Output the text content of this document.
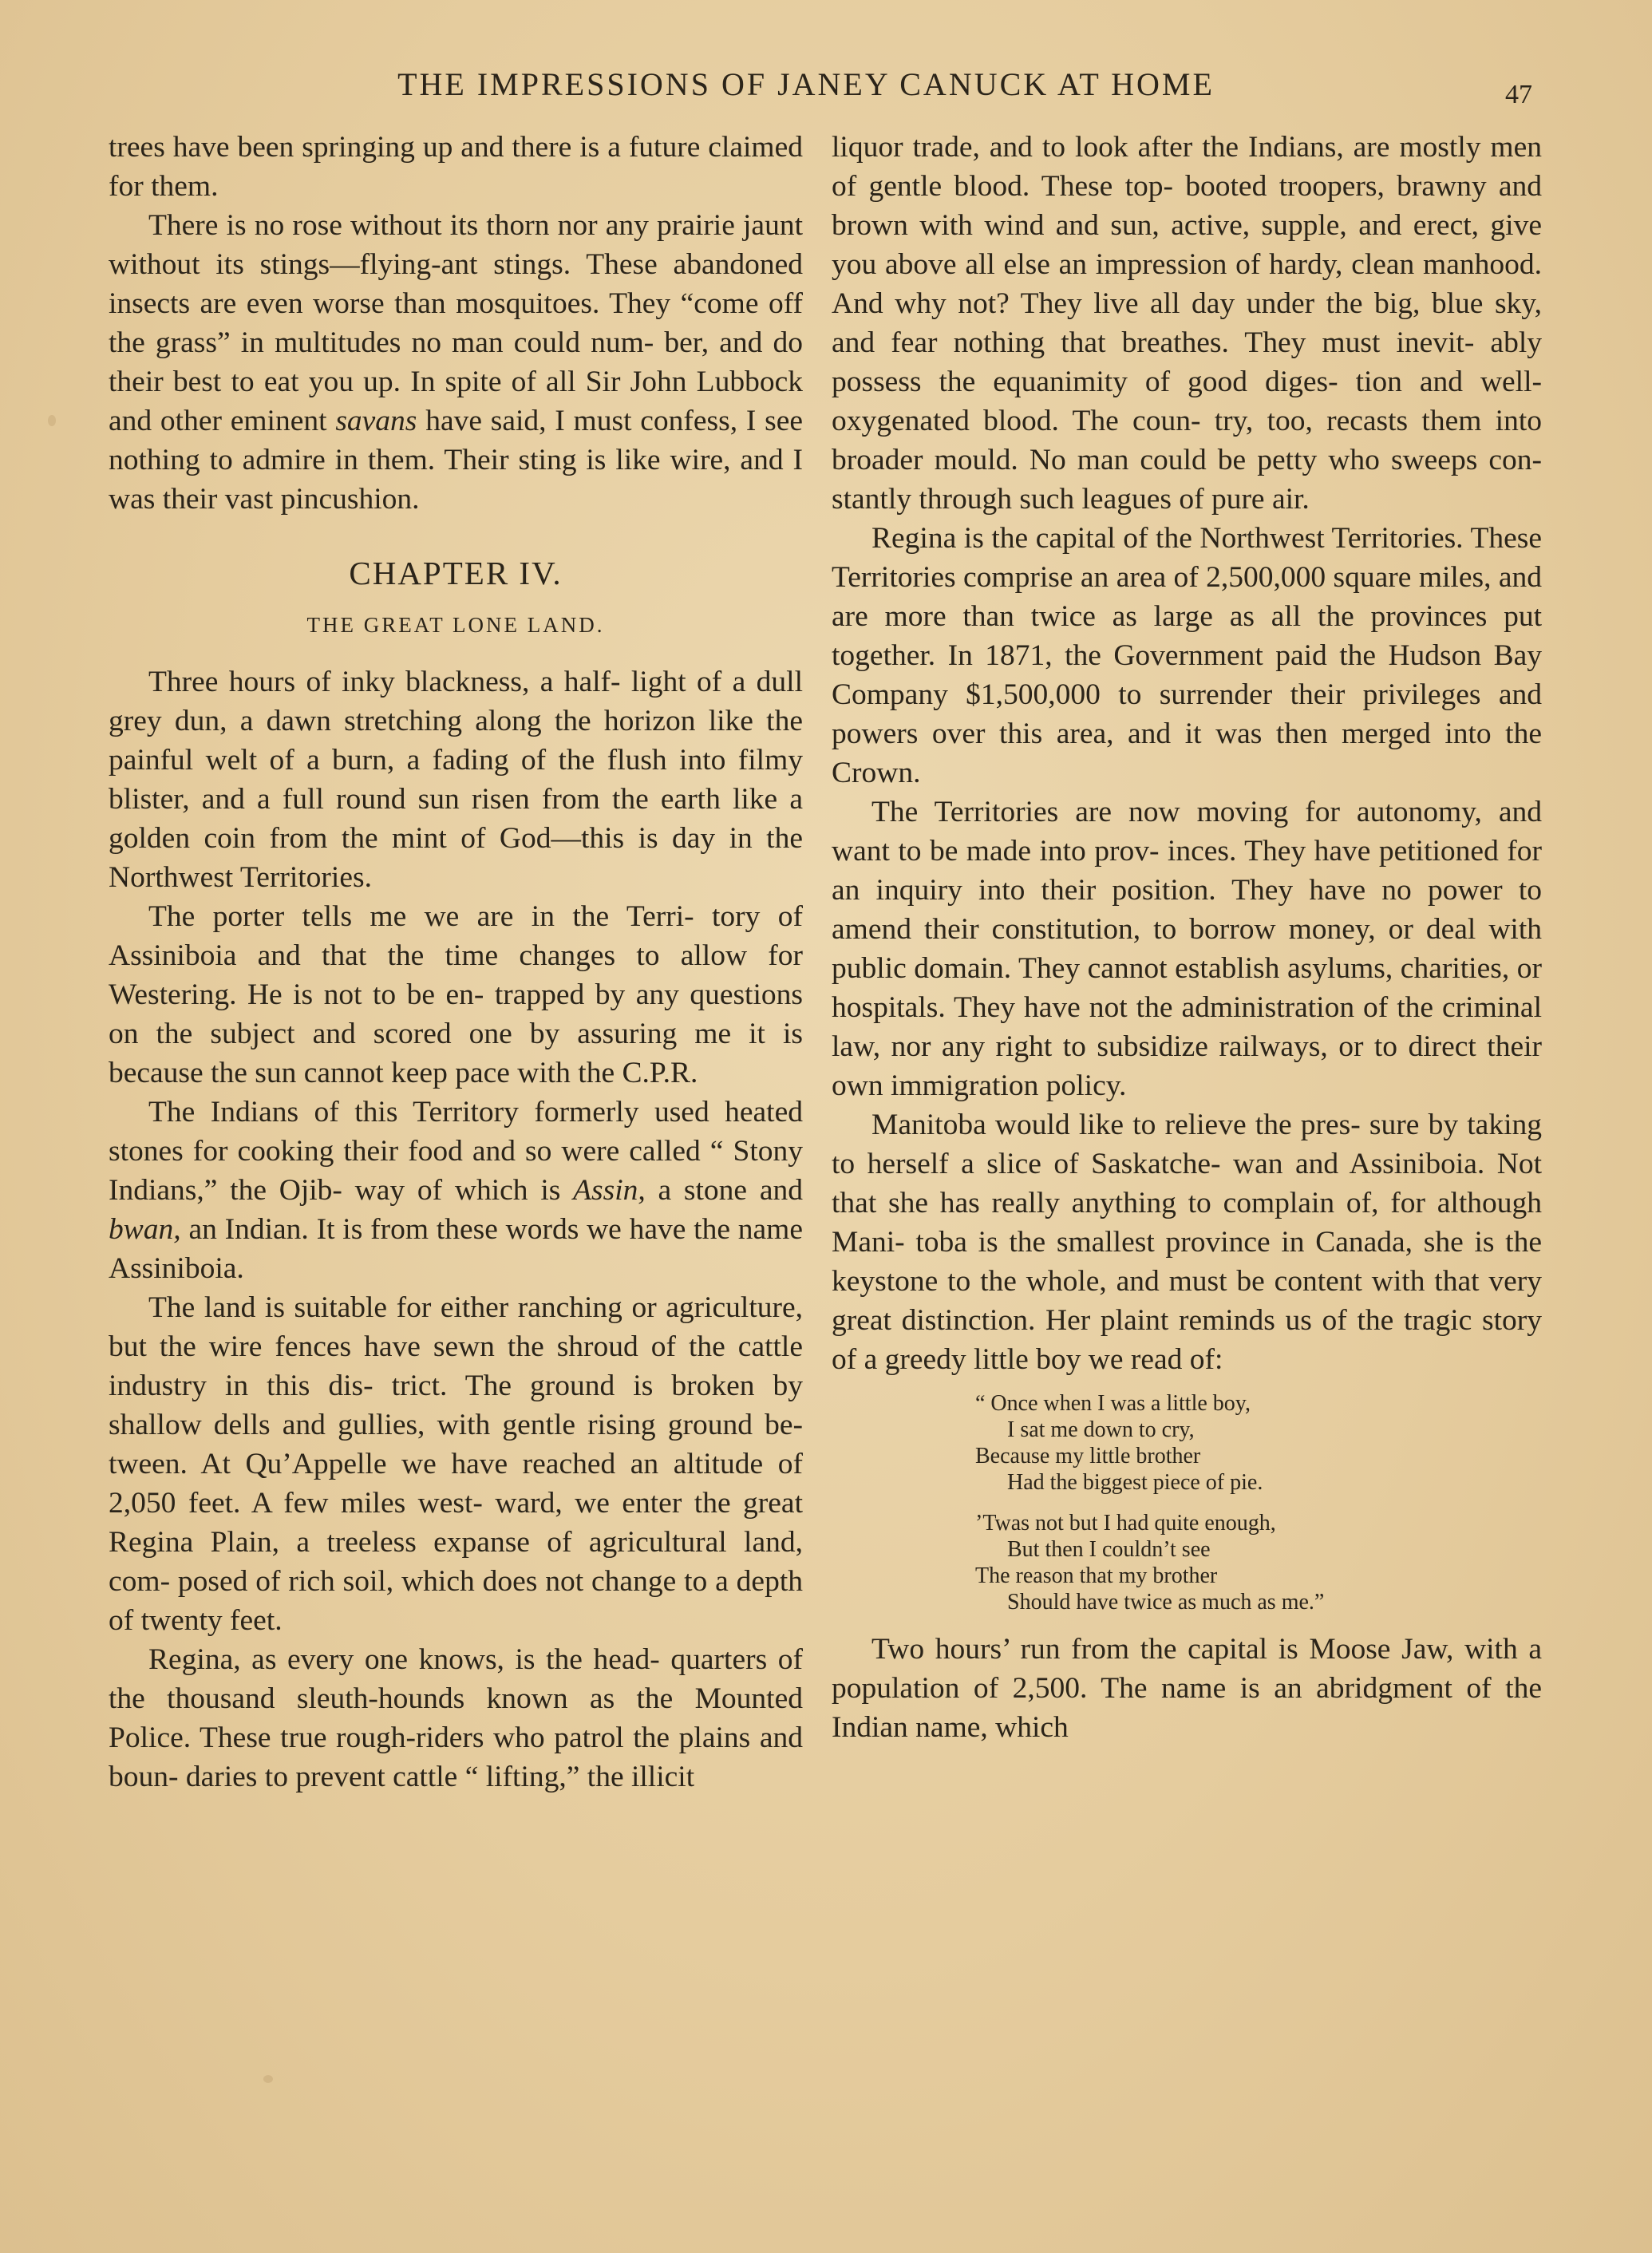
THE IMPRESSIONS OF JANEY CANUCK AT HOME	47

trees have been springing up and there is a future claimed for them.

There is no rose without its thorn nor any prairie jaunt without its stings—flying-ant stings. These abandoned insects are even worse than mosquitoes. They “come off the grass” in multitudes no man could num- ber, and do their best to eat you up. In spite of all Sir John Lubbock and other eminent savans have said, I must confess, I see nothing to admire in them. Their sting is like wire, and I was their vast pincushion.

CHAPTER IV.
THE GREAT LONE LAND.

Three hours of inky blackness, a half- light of a dull grey dun, a dawn stretching along the horizon like the painful welt of a burn, a fading of the flush into filmy blister, and a full round sun risen from the earth like a golden coin from the mint of God—this is day in the Northwest Territories.

The porter tells me we are in the Terri- tory of Assiniboia and that the time changes to allow for Westering. He is not to be en- trapped by any questions on the subject and scored one by assuring me it is because the sun cannot keep pace with the C.P.R.

The Indians of this Territory formerly used heated stones for cooking their food and so were called “ Stony Indians,” the Ojib- way of which is Assin, a stone and bwan, an Indian. It is from these words we have the name Assiniboia.

The land is suitable for either ranching or agriculture, but the wire fences have sewn the shroud of the cattle industry in this dis- trict. The ground is broken by shallow dells and gullies, with gentle rising ground be- tween. At Qu’Appelle we have reached an altitude of 2,050 feet. A few miles west- ward, we enter the great Regina Plain, a treeless expanse of agricultural land, com- posed of rich soil, which does not change to a depth of twenty feet.

Regina, as every one knows, is the head- quarters of the thousand sleuth-hounds known as the Mounted Police. These true rough-riders who patrol the plains and boun- daries to prevent cattle “ lifting,” the illicit

liquor trade, and to look after the Indians, are mostly men of gentle blood. These top- booted troopers, brawny and brown with wind and sun, active, supple, and erect, give you above all else an impression of hardy, clean manhood. And why not? They live all day under the big, blue sky, and fear nothing that breathes. They must inevit- ably possess the equanimity of good diges- tion and well-oxygenated blood. The coun- try, too, recasts them into broader mould. No man could be petty who sweeps con- stantly through such leagues of pure air.

Regina is the capital of the Northwest Territories. These Territories comprise an area of 2,500,000 square miles, and are more than twice as large as all the provinces put together. In 1871, the Government paid the Hudson Bay Company $1,500,000 to surrender their privileges and powers over this area, and it was then merged into the Crown.

The Territories are now moving for autonomy, and want to be made into prov- inces. They have petitioned for an inquiry into their position. They have no power to amend their constitution, to borrow money, or deal with public domain. They cannot establish asylums, charities, or hospitals. They have not the administration of the criminal law, nor any right to subsidize railways, or to direct their own immigration policy.

Manitoba would like to relieve the pres- sure by taking to herself a slice of Saskatche- wan and Assiniboia. Not that she has really anything to complain of, for although Mani- toba is the smallest province in Canada, she is the keystone to the whole, and must be content with that very great distinction. Her plaint reminds us of the tragic story of a greedy little boy we read of:

“ Once when I was a little boy,
I sat me down to cry,
Because my little brother
Had the biggest piece of pie.
’Twas not but I had quite enough,
But then I couldn’t see
The reason that my brother
Should have twice as much as me.”

Two hours’ run from the capital is Moose Jaw, with a population of 2,500. The name is an abridgment of the Indian name, which
